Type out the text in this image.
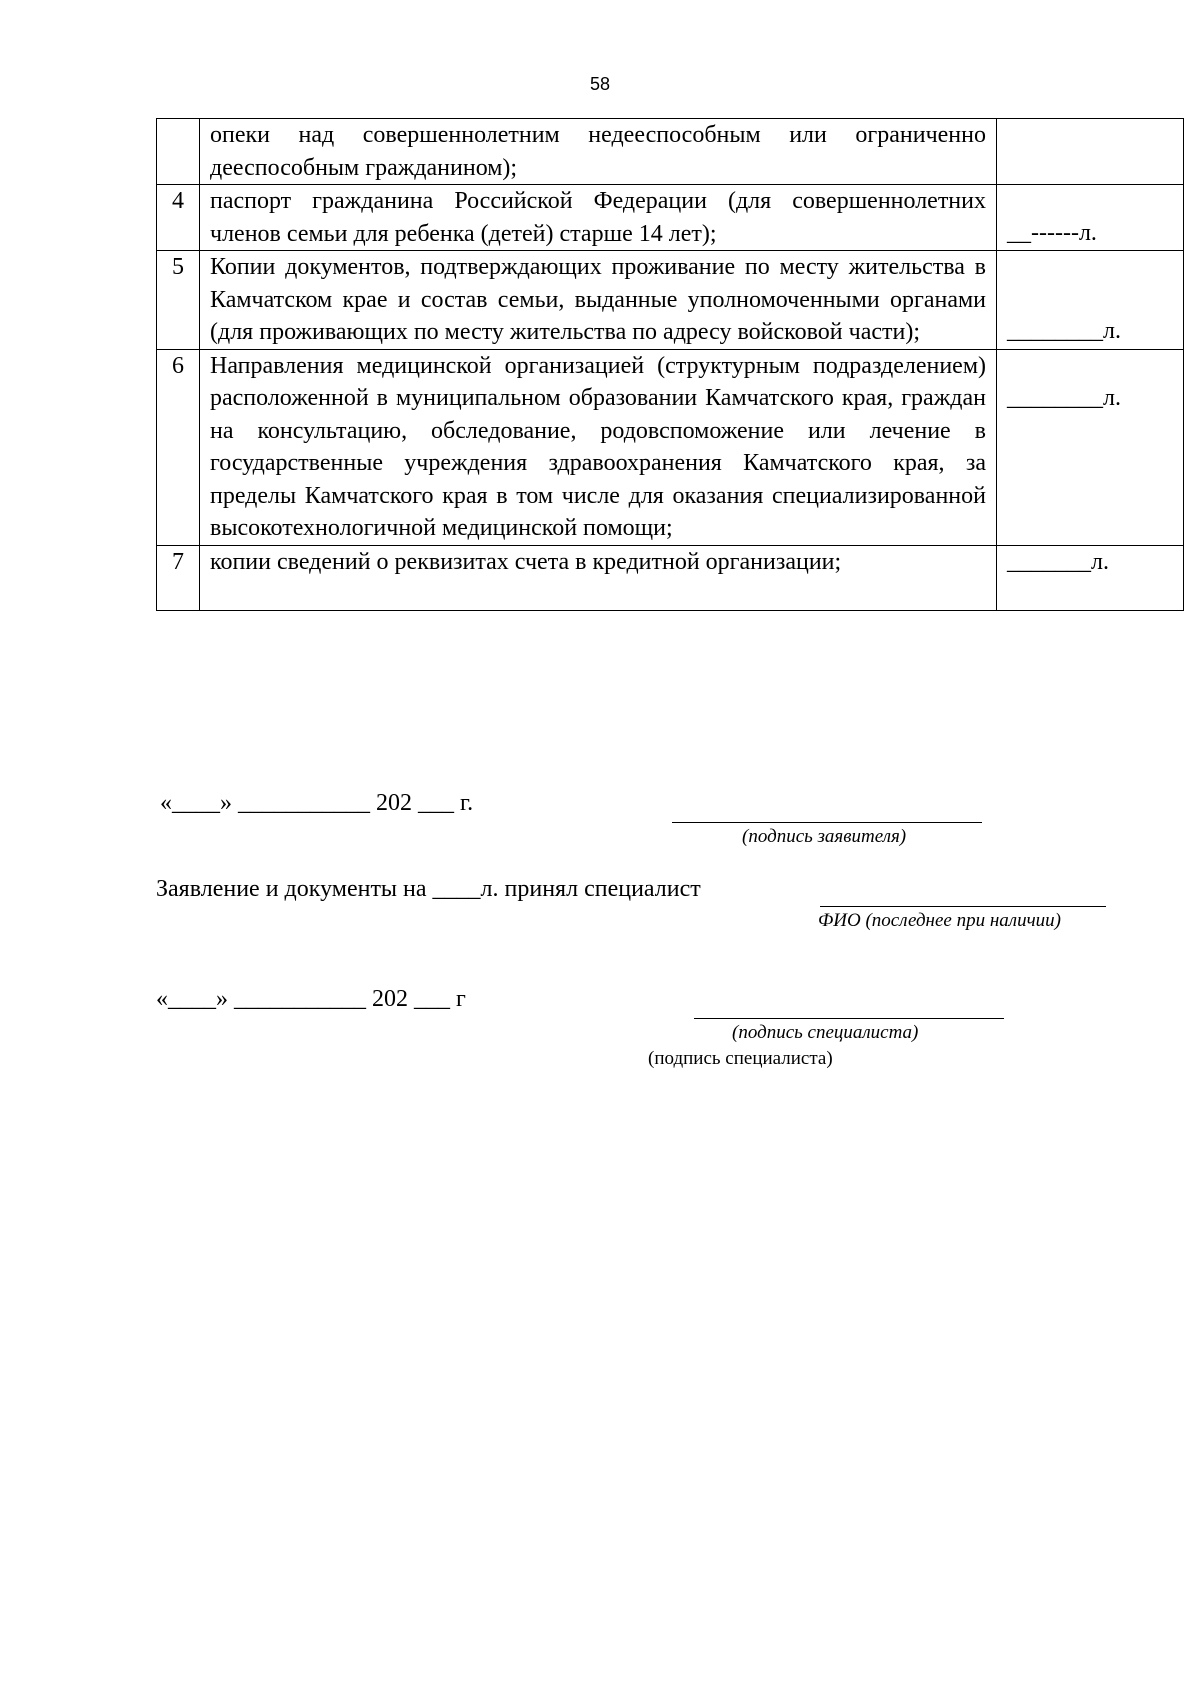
58
	опеки над совершеннолетним недееспособным или ограниченно дееспособным гражданином);	
4	паспорт гражданина Российской Федерации (для совершеннолетних членов семьи для ребенка (детей) старше 14 лет);	__------л.
5	Копии документов, подтверждающих проживание по месту жительства в Камчатском крае и состав семьи, выданные уполномоченными органами (для проживающих по месту жительства по адресу войсковой части);	________л.
6	Направления медицинской организацией (структурным подразделением) расположенной в муниципальном образовании Камчатского края, граждан на консультацию, обследование, родовспоможение или лечение в государственные учреждения здравоохранения Камчатского края, за пределы Камчатского края в том числе для оказания специализированной высокотехнологичной медицинской помощи;	________л.
7	копии сведений о реквизитах счета в кредитной организации;	_______л.
«____» ___________ 202 ___ г.
(подпись заявителя)
Заявление и документы на ____л. принял специалист
ФИО (последнее при наличии)
«____» ___________ 202 ___ г
(подпись специалиста)
(подпись специалиста)
